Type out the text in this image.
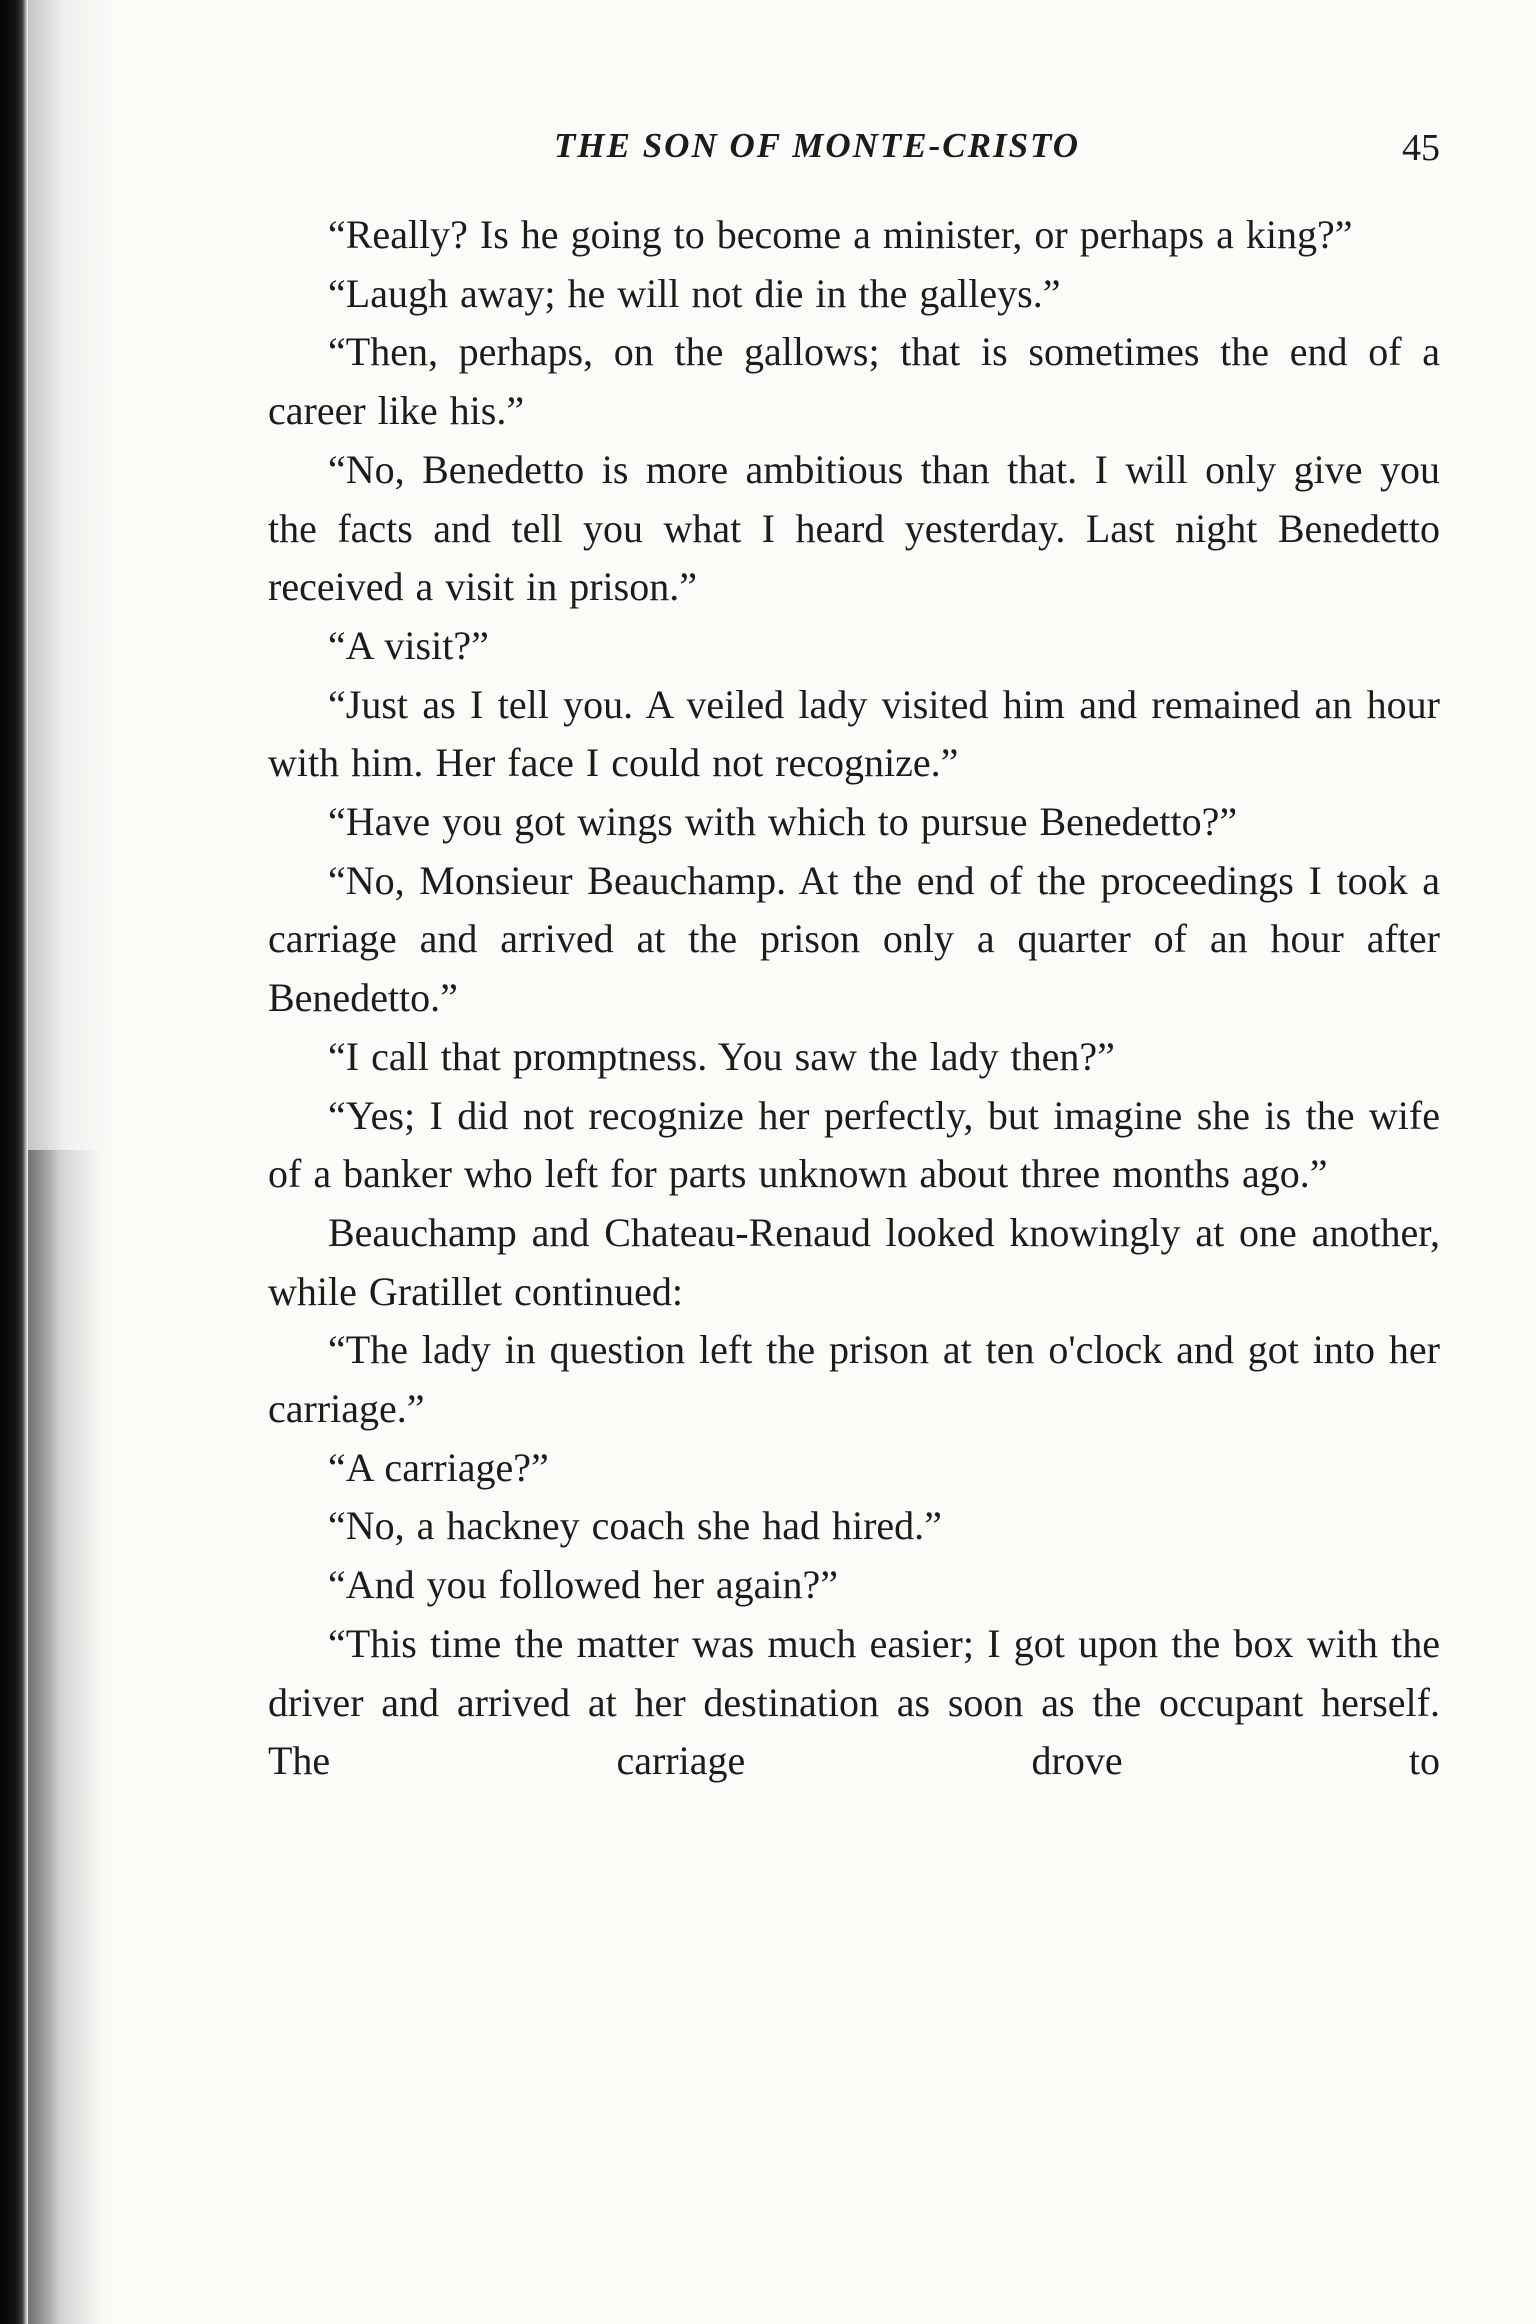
THE SON OF MONTE-CRISTO	45

“Really? Is he going to become a minister, or perhaps a king?”

“Laugh away; he will not die in the galleys.”

“Then, perhaps, on the gallows; that is sometimes the end of a career like his.”

“No, Benedetto is more ambitious than that. I will only give you the facts and tell you what I heard yesterday. Last night Benedetto received a visit in prison.”

“A visit?”

“Just as I tell you. A veiled lady visited him and remained an hour with him. Her face I could not recognize.”

“Have you got wings with which to pursue Benedetto?”

“No, Monsieur Beauchamp. At the end of the proceedings I took a carriage and arrived at the prison only a quarter of an hour after Benedetto.”

“I call that promptness. You saw the lady then?”

“Yes; I did not recognize her perfectly, but imagine she is the wife of a banker who left for parts unknown about three months ago.”

Beauchamp and Chateau-Renaud looked knowingly at one another, while Gratillet continued:

“The lady in question left the prison at ten o'clock and got into her carriage.”

“A carriage?”

“No, a hackney coach she had hired.”

“And you followed her again?”

“This time the matter was much easier; I got upon the box with the driver and arrived at her destination as soon as the occupant herself. The carriage drove to
